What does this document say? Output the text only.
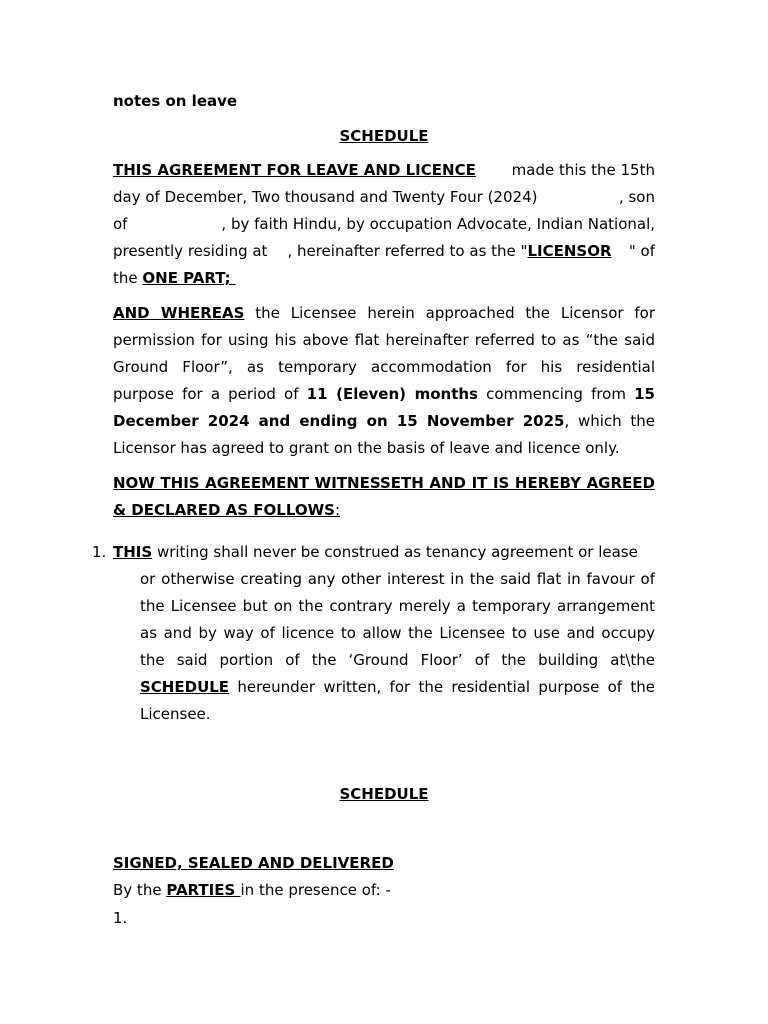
notes on leave

SCHEDULE

THIS AGREEMENT FOR LEAVE AND LICENCE made this the 15th
day of December, Two thousand and Twenty Four (2024)	, son
of	, by faith Hindu, by occupation Advocate, Indian National,
presently residing at , hereinafter referred to as the "LICENSOR " of
the ONE PART;
AND WHEREAS the Licensee herein approached the Licensor for permission for using his above flat hereinafter referred to as “the said Ground Floor”, as temporary accommodation for his residential purpose for a period of 11 (Eleven) months commencing from 15 December 2024 and ending on 15 November 2025, which the Licensor has agreed to grant on the basis of leave and licence only.
NOW THIS AGREEMENT WITNESSETH AND IT IS HEREBY AGREED & DECLARED AS FOLLOWS:
1. THIS writing shall never be construed as tenancy agreement or lease
or otherwise creating any other interest in the said flat in favour of the Licensee but on the contrary merely a temporary arrangement as and by way of licence to allow the Licensee to use and occupy the said portion of the ‘Ground Floor’ of the building at\the SCHEDULE hereunder written, for the residential purpose of the Licensee.

SCHEDULE

SIGNED, SEALED AND DELIVERED

By the PARTIES in the presence of: -

1.
